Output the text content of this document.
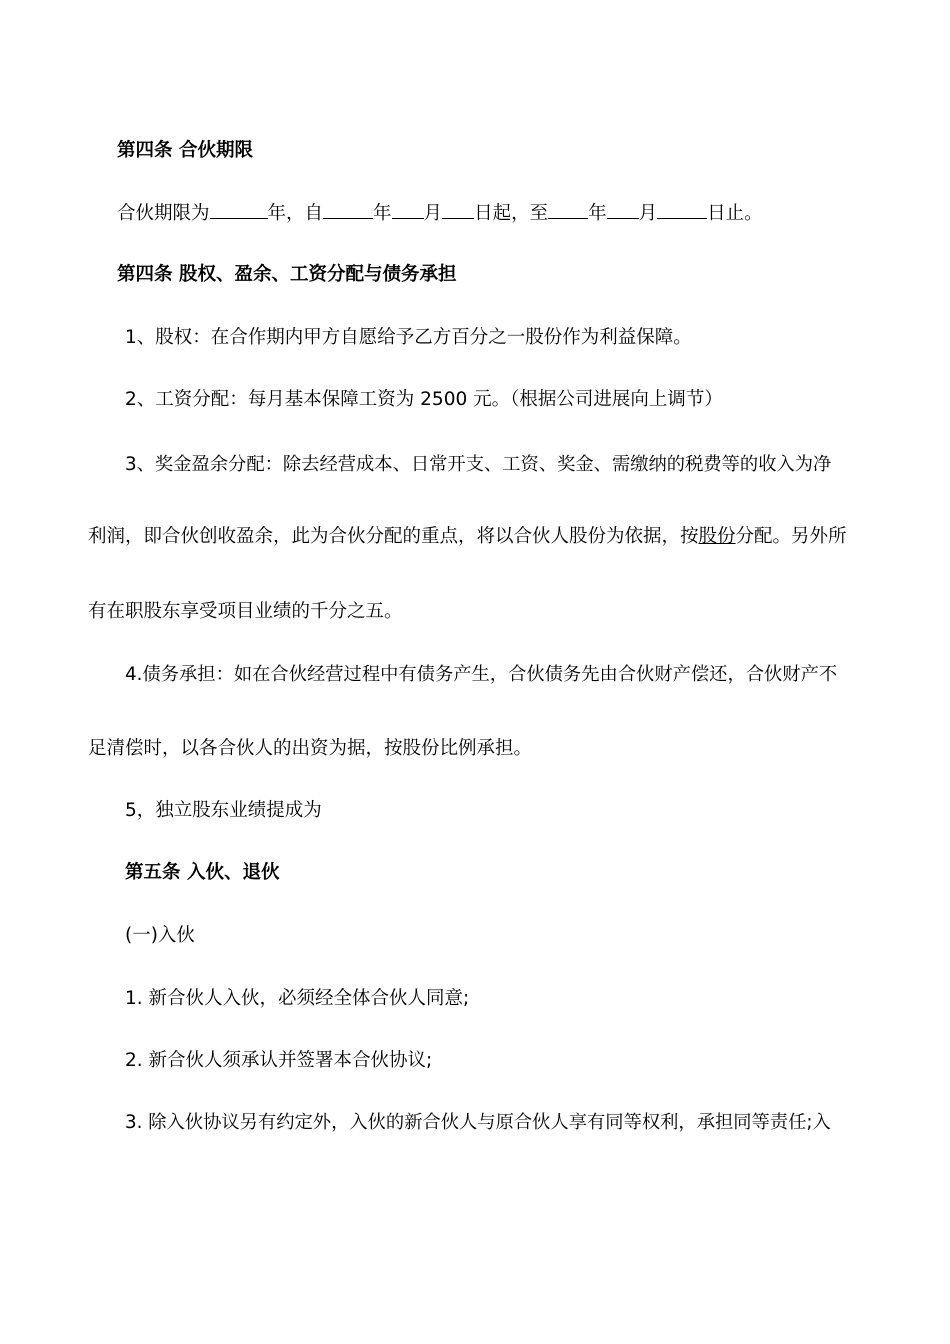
第四条 合伙期限
合伙期限为	年，自	年 月 日起，至 年 月	日止。
第四条 股权、盈余、工资分配与债务承担
1、股权：在合作期内甲方自愿给予乙方百分之一股份作为利益保障。
2、工资分配：每月基本保障工资为 2500 元。（根据公司进展向上调节）
3、奖金盈余分配：除去经营成本、日常开支、工资、奖金、需缴纳的税费等的收入为净
利润，即合伙创收盈余，此为合伙分配的重点，将以合伙人股份为依据，按股份分配。另外所
有在职股东享受项目业绩的千分之五。
4.债务承担：如在合伙经营过程中有债务产生，合伙债务先由合伙财产偿还，合伙财产不
足清偿时，以各合伙人的出资为据，按股份比例承担。
5，独立股东业绩提成为
第五条 入伙、退伙
(一)入伙
1. 新合伙人入伙，必须经全体合伙人同意;
2. 新合伙人须承认并签署本合伙协议;
3. 除入伙协议另有约定外，入伙的新合伙人与原合伙人享有同等权利，承担同等责任;入
